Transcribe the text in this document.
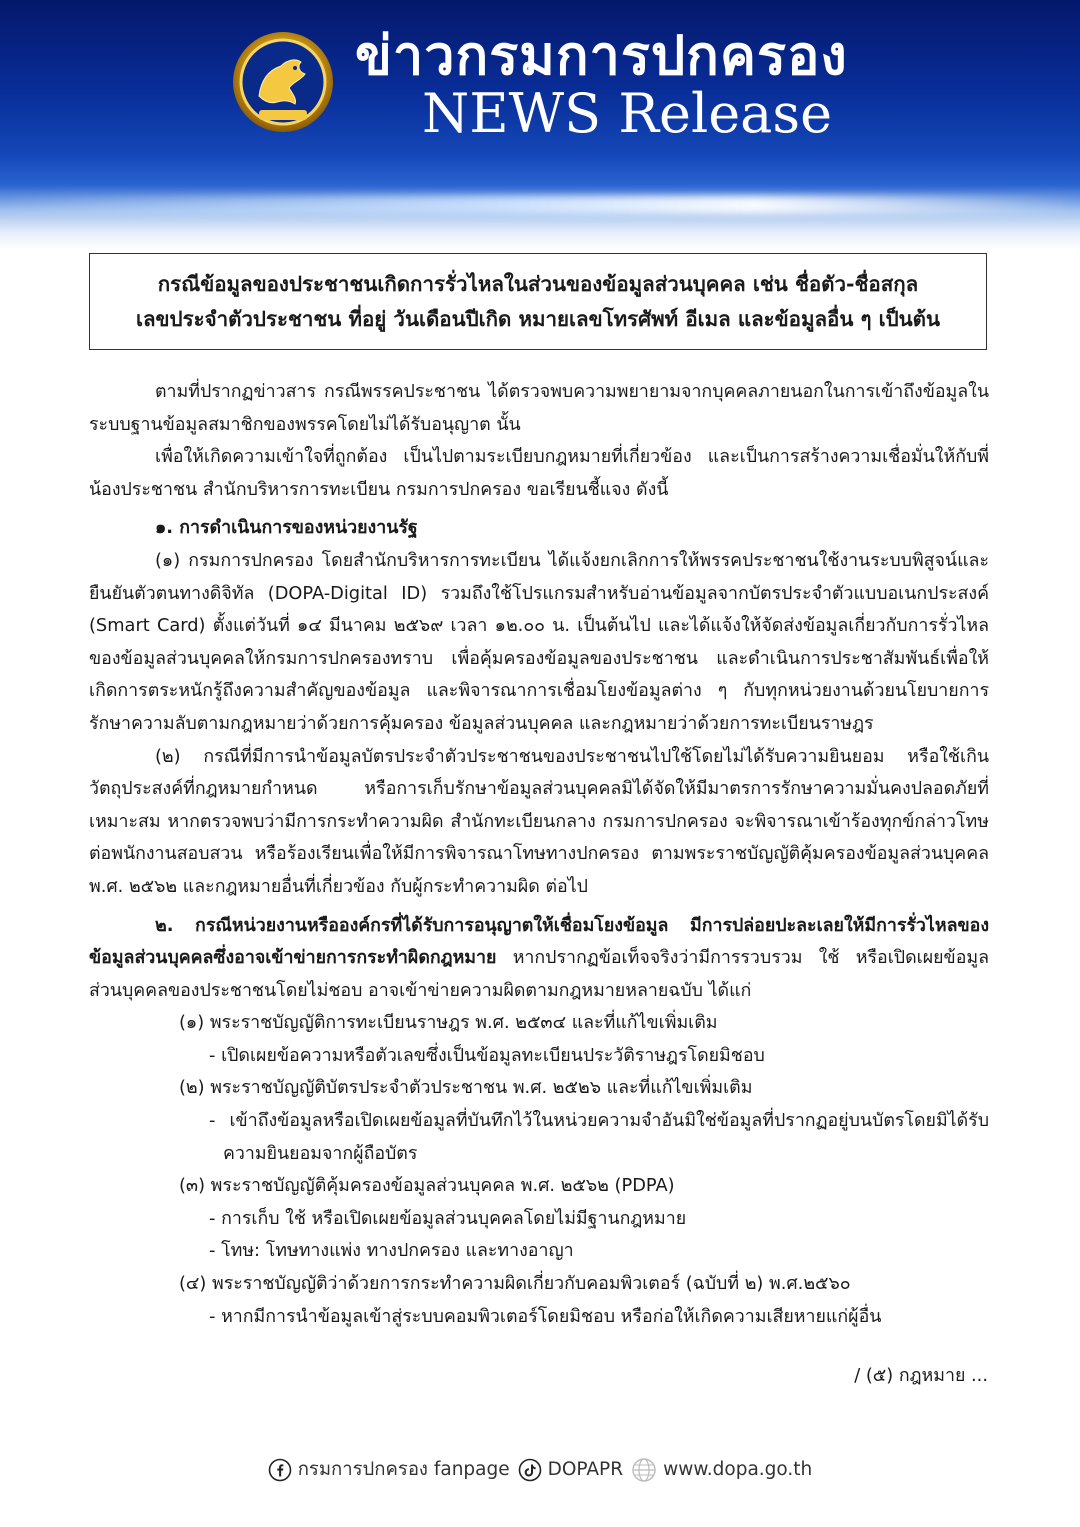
ข่าวกรมการปกครอง
NEWS Release
กรณีข้อมูลของประชาชนเกิดการรั่วไหลในส่วนของข้อมูลส่วนบุคคล เช่น ชื่อตัว-ชื่อสกุล
เลขประจำตัวประชาชน ที่อยู่ วันเดือนปีเกิด หมายเลขโทรศัพท์ อีเมล และข้อมูลอื่น ๆ เป็นต้น

ตามที่ปรากฏข่าวสาร กรณีพรรคประชาชน ได้ตรวจพบความพยายามจากบุคคลภายนอกในการเข้าถึงข้อมูลในระบบฐานข้อมูลสมาชิกของพรรคโดยไม่ได้รับอนุญาต นั้น

เพื่อให้เกิดความเข้าใจที่ถูกต้อง เป็นไปตามระเบียบกฎหมายที่เกี่ยวข้อง และเป็นการสร้างความเชื่อมั่นให้กับพี่น้องประชาชน สำนักบริหารการทะเบียน กรมการปกครอง ขอเรียนชี้แจง ดังนี้

๑. การดำเนินการของหน่วยงานรัฐ

(๑) กรมการปกครอง โดยสำนักบริหารการทะเบียน ได้แจ้งยกเลิกการให้พรรคประชาชนใช้งานระบบพิสูจน์และยืนยันตัวตนทางดิจิทัล (DOPA-Digital ID) รวมถึงใช้โปรแกรมสำหรับอ่านข้อมูลจากบัตรประจำตัวแบบอเนกประสงค์ (Smart Card) ตั้งแต่วันที่ ๑๔ มีนาคม ๒๕๖๙ เวลา ๑๒.๐๐ น. เป็นต้นไป และได้แจ้งให้จัดส่งข้อมูลเกี่ยวกับการรั่วไหลของข้อมูลส่วนบุคคลให้กรมการปกครองทราบ เพื่อคุ้มครองข้อมูลของประชาชน และดำเนินการประชาสัมพันธ์เพื่อให้เกิดการตระหนักรู้ถึงความสำคัญของข้อมูล และพิจารณาการเชื่อมโยงข้อมูลต่าง ๆ กับทุกหน่วยงานด้วยนโยบายการรักษาความลับตามกฎหมายว่าด้วยการคุ้มครอง ข้อมูลส่วนบุคคล และกฎหมายว่าด้วยการทะเบียนราษฎร

(๒) กรณีที่มีการนำข้อมูลบัตรประจำตัวประชาชนของประชาชนไปใช้โดยไม่ได้รับความยินยอม หรือใช้เกินวัตถุประสงค์ที่กฎหมายกำหนด หรือการเก็บรักษาข้อมูลส่วนบุคคลมิได้จัดให้มีมาตรการรักษาความมั่นคงปลอดภัยที่เหมาะสม หากตรวจพบว่ามีการกระทำความผิด สำนักทะเบียนกลาง กรมการปกครอง จะพิจารณาเข้าร้องทุกข์กล่าวโทษต่อพนักงานสอบสวน หรือร้องเรียนเพื่อให้มีการพิจารณาโทษทางปกครอง ตามพระราชบัญญัติคุ้มครองข้อมูลส่วนบุคคล พ.ศ. ๒๕๖๒ และกฎหมายอื่นที่เกี่ยวข้อง กับผู้กระทำความผิด ต่อไป

๒. กรณีหน่วยงานหรือองค์กรที่ได้รับการอนุญาตให้เชื่อมโยงข้อมูล มีการปล่อยปะละเลยให้มีการรั่วไหลของข้อมูลส่วนบุคคลซึ่งอาจเข้าข่ายการกระทำผิดกฎหมาย หากปรากฏข้อเท็จจริงว่ามีการรวบรวม ใช้ หรือเปิดเผยข้อมูลส่วนบุคคลของประชาชนโดยไม่ชอบ อาจเข้าข่ายความผิดตามกฎหมายหลายฉบับ ได้แก่

(๑) พระราชบัญญัติการทะเบียนราษฎร พ.ศ. ๒๕๓๔ และที่แก้ไขเพิ่มเติม

- เปิดเผยข้อความหรือตัวเลขซึ่งเป็นข้อมูลทะเบียนประวัติราษฎรโดยมิชอบ

(๒) พระราชบัญญัติบัตรประจำตัวประชาชน พ.ศ. ๒๕๒๖ และที่แก้ไขเพิ่มเติม

- เข้าถึงข้อมูลหรือเปิดเผยข้อมูลที่บันทึกไว้ในหน่วยความจำอันมิใช่ข้อมูลที่ปรากฏอยู่บนบัตรโดยมิได้รับความยินยอมจากผู้ถือบัตร

(๓) พระราชบัญญัติคุ้มครองข้อมูลส่วนบุคคล พ.ศ. ๒๕๖๒ (PDPA)

- การเก็บ ใช้ หรือเปิดเผยข้อมูลส่วนบุคคลโดยไม่มีฐานกฎหมาย

- โทษ: โทษทางแพ่ง ทางปกครอง และทางอาญา

(๔) พระราชบัญญัติว่าด้วยการกระทำความผิดเกี่ยวกับคอมพิวเตอร์ (ฉบับที่ ๒) พ.ศ.๒๕๖๐

- หากมีการนำข้อมูลเข้าสู่ระบบคอมพิวเตอร์โดยมิชอบ หรือก่อให้เกิดความเสียหายแก่ผู้อื่น

/ (๕) กฎหมาย ...
กรมการปกครอง fanpage DOPAPR www.dopa.go.th
